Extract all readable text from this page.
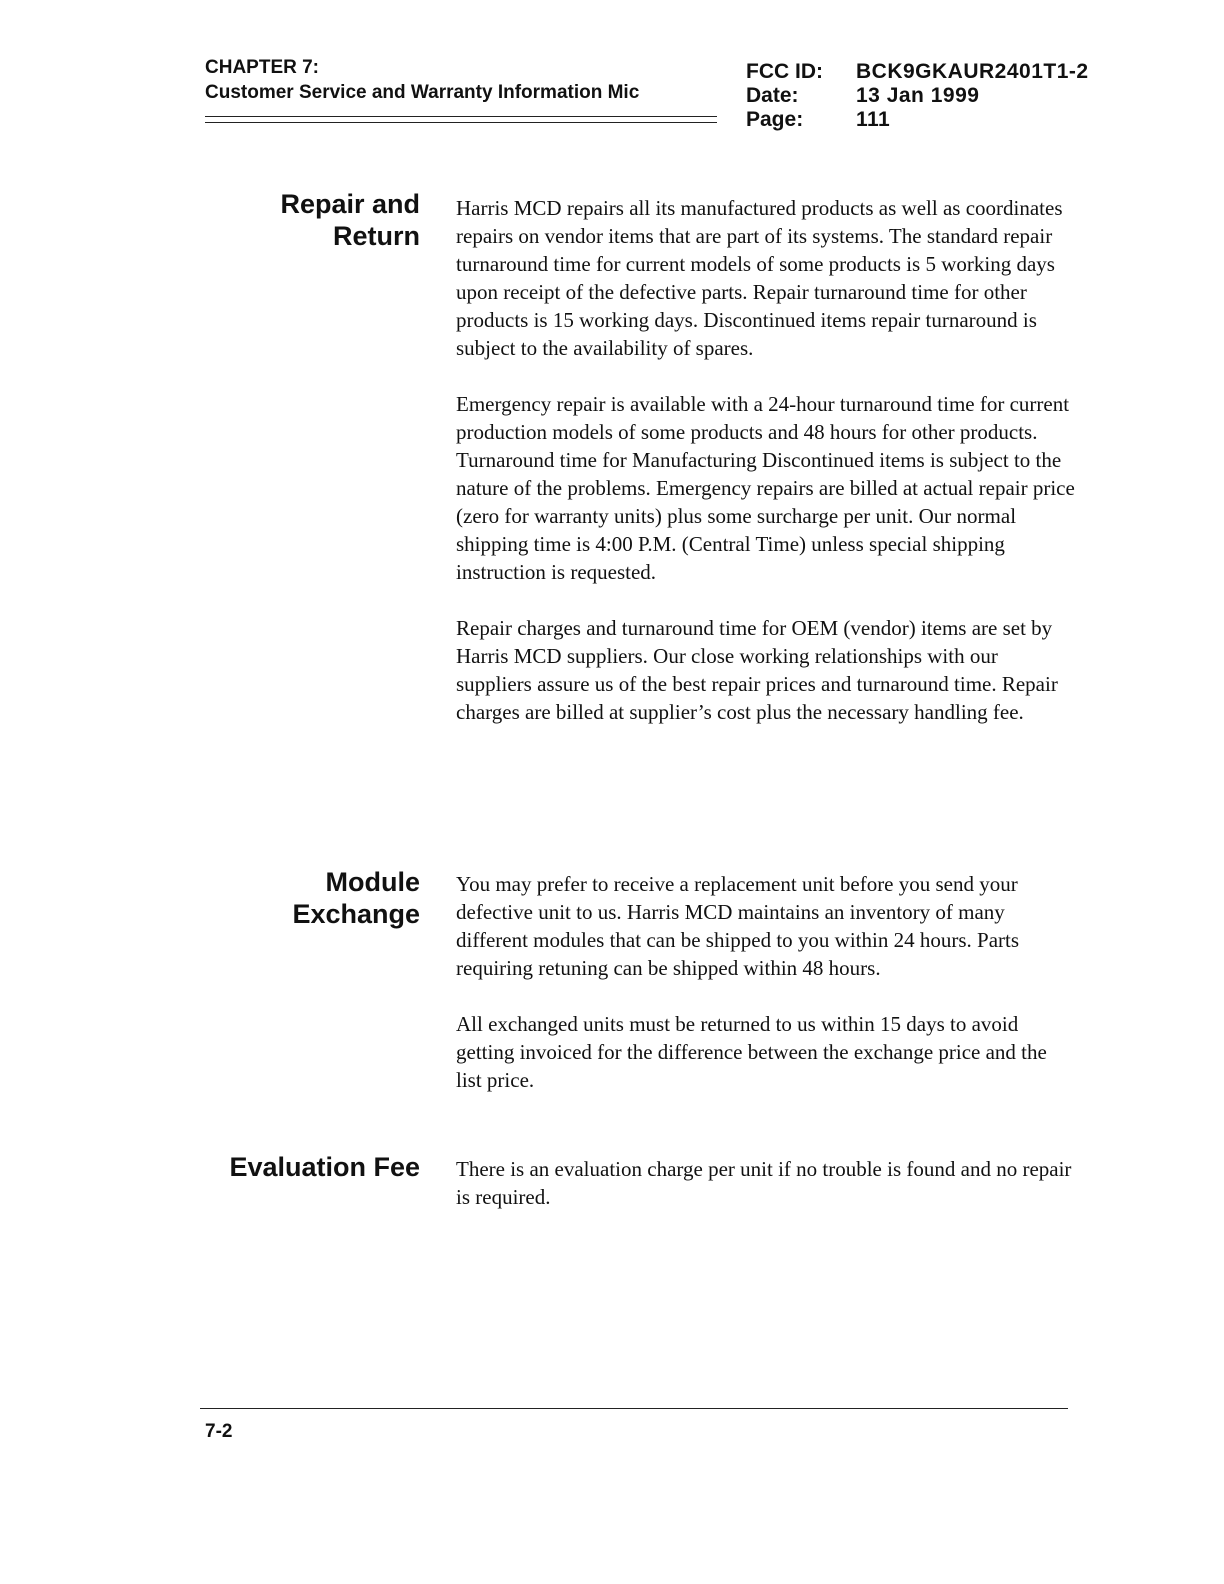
CHAPTER 7:
Customer Service and Warranty Information Mic
FCC ID:	BCK9GKAUR2401T1-2
Date:	13 Jan 1999
Page:	111
Repair and
Return

Harris MCD repairs all its manufactured products as well as coordinates repairs on vendor items that are part of its systems. The standard repair turnaround time for current models of some products is 5 working days upon receipt of the defective parts. Repair turnaround time for other products is 15 working days. Discontinued items repair turnaround is subject to the availability of spares.

Emergency repair is available with a 24-hour turnaround time for current production models of some products and 48 hours for other products. Turnaround time for Manufacturing Discontinued items is subject to the nature of the problems. Emergency repairs are billed at actual repair price (zero for warranty units) plus some surcharge per unit. Our normal shipping time is 4:00 P.M. (Central Time) unless special shipping instruction is requested.

Repair charges and turnaround time for OEM (vendor) items are set by Harris MCD suppliers. Our close working relationships with our suppliers assure us of the best repair prices and turnaround time. Repair charges are billed at supplier’s cost plus the necessary handling fee.

Module
Exchange

You may prefer to receive a replacement unit before you send your defective unit to us. Harris MCD maintains an inventory of many different modules that can be shipped to you within 24 hours. Parts requiring retuning can be shipped within 48 hours.

All exchanged units must be returned to us within 15 days to avoid getting invoiced for the difference between the exchange price and the list price.

Evaluation Fee There is an evaluation charge per unit if no trouble is found and no repair is required.

7-2
